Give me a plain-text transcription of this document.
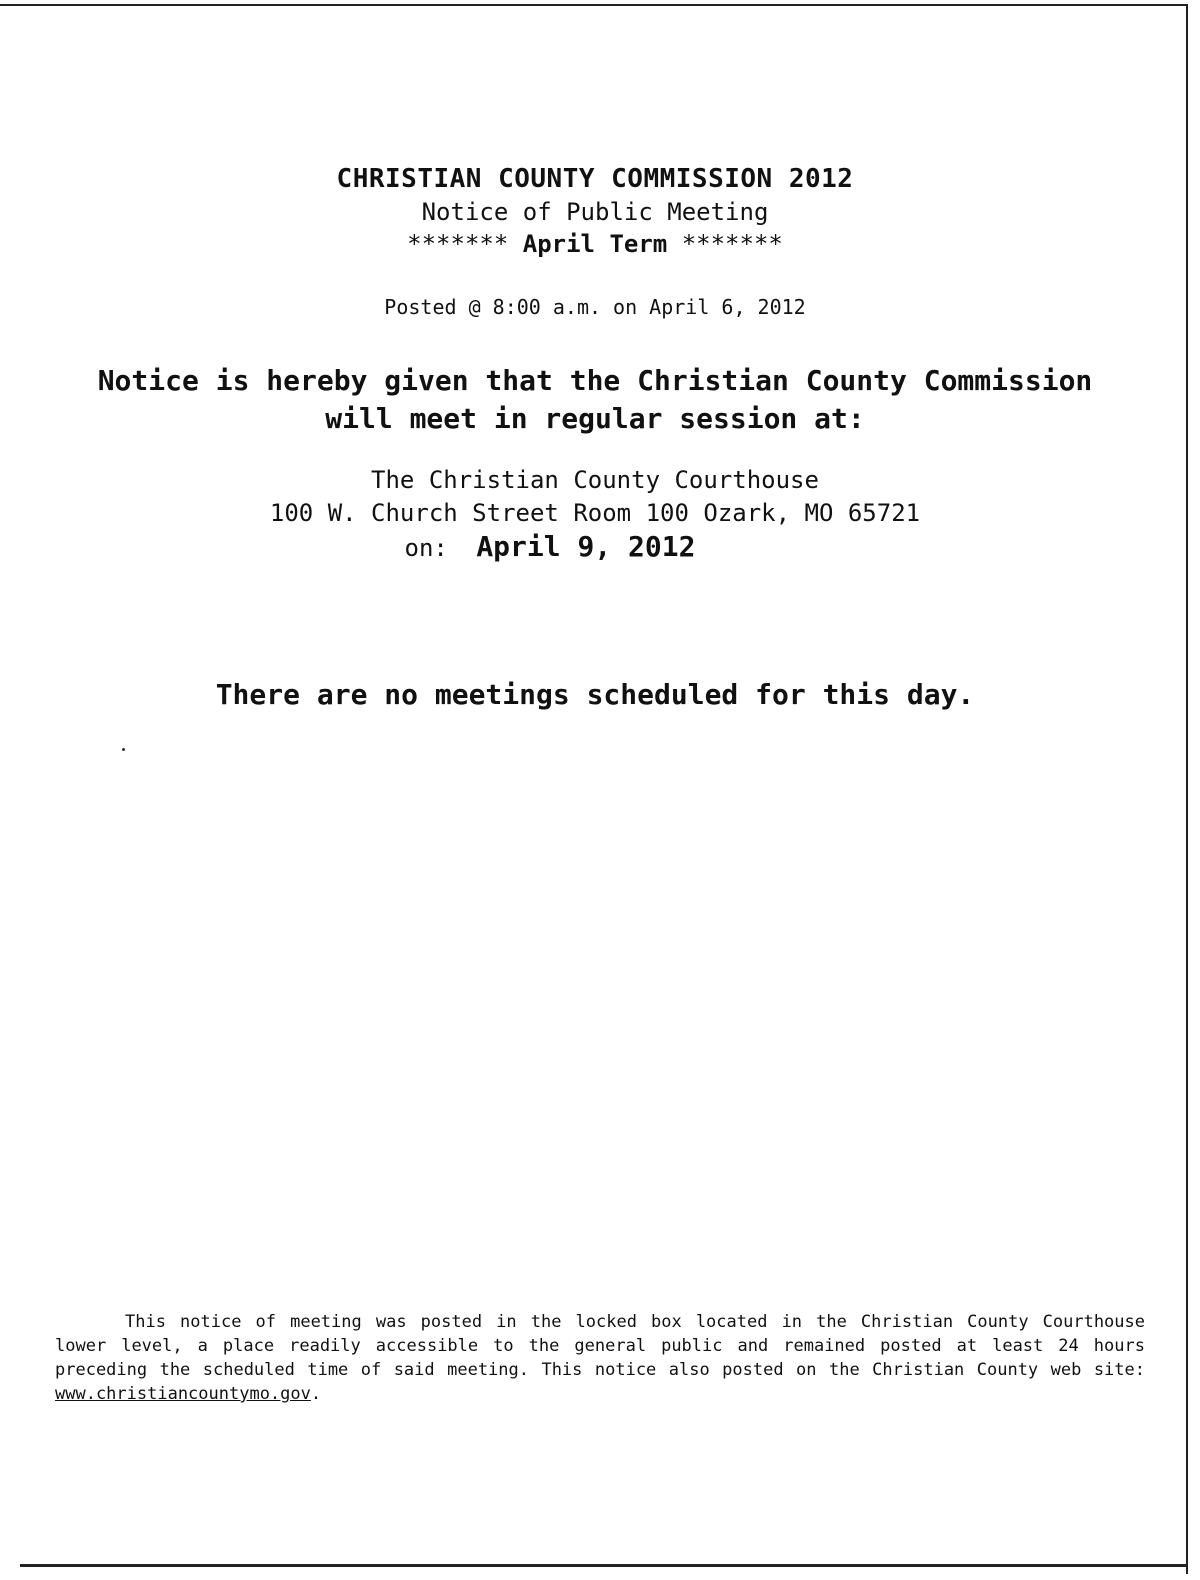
CHRISTIAN COUNTY COMMISSION 2012
Notice of Public Meeting
******* April Term *******
Posted @ 8:00 a.m. on April 6, 2012
Notice is hereby given that the Christian County Commission
will meet in regular session at:
The Christian County Courthouse
100 W. Church Street Room 100 Ozark, MO 65721
on: April 9, 2012
There are no meetings scheduled for this day.
This notice of meeting was posted in the locked box located in the Christian County Courthouse lower level, a place readily accessible to the general public and remained posted at least 24 hours preceding the scheduled time of said meeting. This notice also posted on the Christian County web site: www.christiancountymo.gov.
